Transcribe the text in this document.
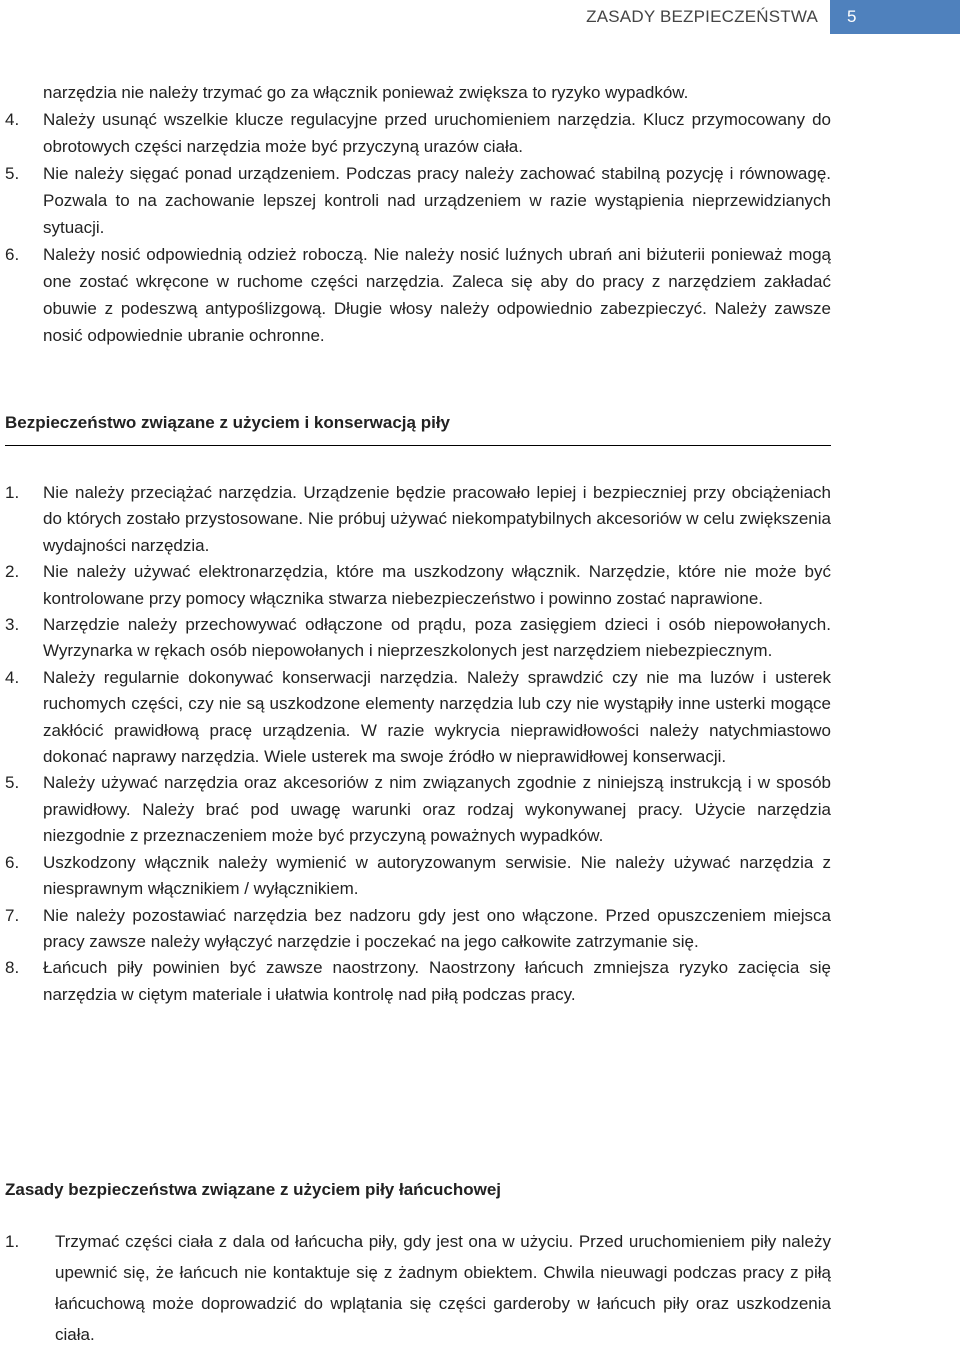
ZASADY BEZPIECZEŃSTWA	5
narzędzia nie należy trzymać go za włącznik ponieważ zwiększa to ryzyko wypadków.
4.	Należy usunąć wszelkie klucze regulacyjne przed uruchomieniem narzędzia. Klucz przymocowany do obrotowych części narzędzia może być przyczyną urazów ciała.
5.	Nie należy sięgać ponad urządzeniem. Podczas pracy należy zachować stabilną pozycję i równowagę. Pozwala to na zachowanie lepszej kontroli nad urządzeniem w razie wystąpienia nieprzewidzianych sytuacji.
6.	Należy nosić odpowiednią odzież roboczą. Nie należy nosić luźnych ubrań ani biżuterii ponieważ mogą one zostać wkręcone w ruchome części narzędzia. Zaleca się aby do pracy z narzędziem zakładać obuwie z podeszwą antypoślizgową. Długie włosy należy odpowiednio zabezpieczyć. Należy zawsze nosić odpowiednie ubranie ochronne.
Bezpieczeństwo związane z użyciem i konserwacją piły
1.	Nie należy przeciążać narzędzia. Urządzenie będzie pracowało lepiej i bezpieczniej przy obciążeniach do których zostało przystosowane. Nie próbuj używać niekompatybilnych akcesoriów w celu zwiększenia wydajności narzędzia.
2.	Nie należy używać elektronarzędzia, które ma uszkodzony włącznik. Narzędzie, które nie może być kontrolowane przy pomocy włącznika stwarza niebezpieczeństwo i powinno zostać naprawione.
3.	Narzędzie należy przechowywać odłączone od prądu, poza zasięgiem dzieci i osób niepowołanych. Wyrzynarka w rękach osób niepowołanych i nieprzeszkolonych jest narzędziem niebezpiecznym.
4.	Należy regularnie dokonywać konserwacji narzędzia. Należy sprawdzić czy nie ma luzów i usterek ruchomych części, czy nie są uszkodzone elementy narzędzia lub czy nie wystąpiły inne usterki mogące zakłócić prawidłową pracę urządzenia. W razie wykrycia nieprawidłowości należy natychmiastowo dokonać naprawy narzędzia. Wiele usterek ma swoje źródło w nieprawidłowej konserwacji.
5.	Należy używać narzędzia oraz akcesoriów z nim związanych zgodnie z niniejszą instrukcją i w sposób prawidłowy. Należy brać pod uwagę warunki oraz rodzaj wykonywanej pracy. Użycie narzędzia niezgodnie z przeznaczeniem może być przyczyną poważnych wypadków.
6.	Uszkodzony włącznik należy wymienić w autoryzowanym serwisie. Nie należy używać narzędzia z niesprawnym włącznikiem / wyłącznikiem.
7.	Nie należy pozostawiać narzędzia bez nadzoru gdy jest ono włączone. Przed opuszczeniem miejsca pracy zawsze należy wyłączyć narzędzie i poczekać na jego całkowite zatrzymanie się.
8.	Łańcuch piły powinien być zawsze naostrzony. Naostrzony łańcuch zmniejsza ryzyko zacięcia się narzędzia w ciętym materiale i ułatwia kontrolę nad piłą podczas pracy.
Zasady bezpieczeństwa związane z użyciem piły łańcuchowej
1.	Trzymać części ciała z dala od łańcucha piły, gdy jest ona w użyciu. Przed uruchomieniem piły należy upewnić się, że łańcuch nie kontaktuje się z żadnym obiektem. Chwila nieuwagi podczas pracy z piłą łańcuchową może doprowadzić do wplątania się części garderoby w łańcuch piły oraz uszkodzenia ciała.
